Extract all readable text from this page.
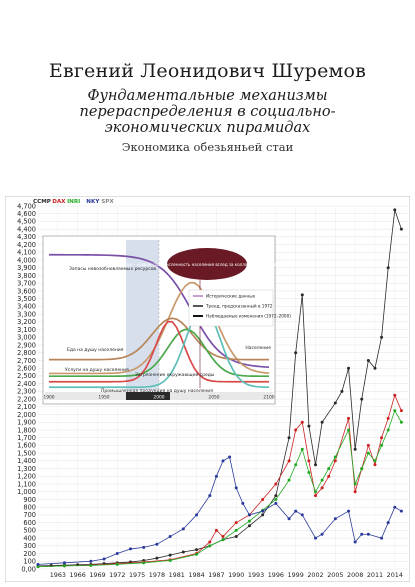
Евгений Леонидович Шуремов
Фундаментальные механизмы перераспределения в социально-экономических пирамидах
Экономика обезьяньей стаи
4,700
4,600
4,500
4,400
4,300
4,200
4,100
4,000
3,900
3,800
3,700
3,600
3,500
3,400
3,300
3,200
3,100
3,000
2,900
2,800
2,700
2,600
2,500
2,400
2,300
2,200
2,100
2,000
1,900
1,800
1,700
1,600
1,500
1,400
1,300
1,200
1,100
1,000
900
800
700
600
500
400
300
200
100
0,00
1963 1966 1969 1972 1975 1978 1981 1984 1987 1990 1993 1996 1999 2002 2005 2008 2011 2014
CCMP DAX INRI NKY SPX
1900	1950	2000	2050	2100
Запасы невозобновляемых ресурсов
Еда на душу населения
Услуги на душу населения
Промышленная продукция на душу населения
Загрязнение окружающей среды
Население
2030 год – «ревой год» численность населения вслед за коллапсом мировой экономики
Исторические данные
Тренд, предсказанный в 1972
Наблюдаемые изменения (1972–2000)
